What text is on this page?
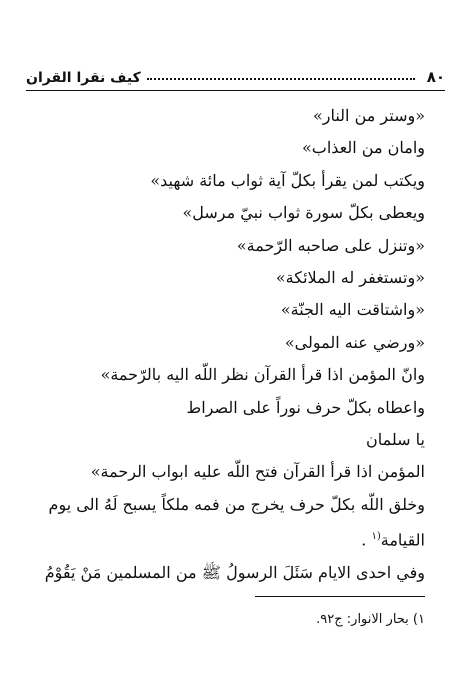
٨٠
كيف نقرا القران
«وستر من النار»
وامان من العذاب»
ويكتب لمن يقرأ بكلّ آية ثواب مائة شهيد»
ويعطى بكلّ سورة ثواب نبيّ مرسل»
«وتنزل على صاحبه الرّحمة»
«وتستغفر له الملائكة»
«واشتاقت اليه الجنّة»
«ورضي عنه المولى»
وانّ المؤمن اذا قرأ القرآن نظر اللّه اليه بالرّحمة»
واعطاه بكلّ حرف نوراً على الصراط
يا سلمان
المؤمن اذا قرأ القرآن فتح اللّه عليه ابواب الرحمة»
وخلق اللّه بكلّ حرف يخرج من فمه ملكاً يسبح لَهُ الى يوم
القيامة$^{(١}$ .
وفي احدى الايام سَئَلَ الرسولُ ﷺ من المسلمين مَنْ يَقُوْمُ
١) بحار الانوار: ج٩٢.
